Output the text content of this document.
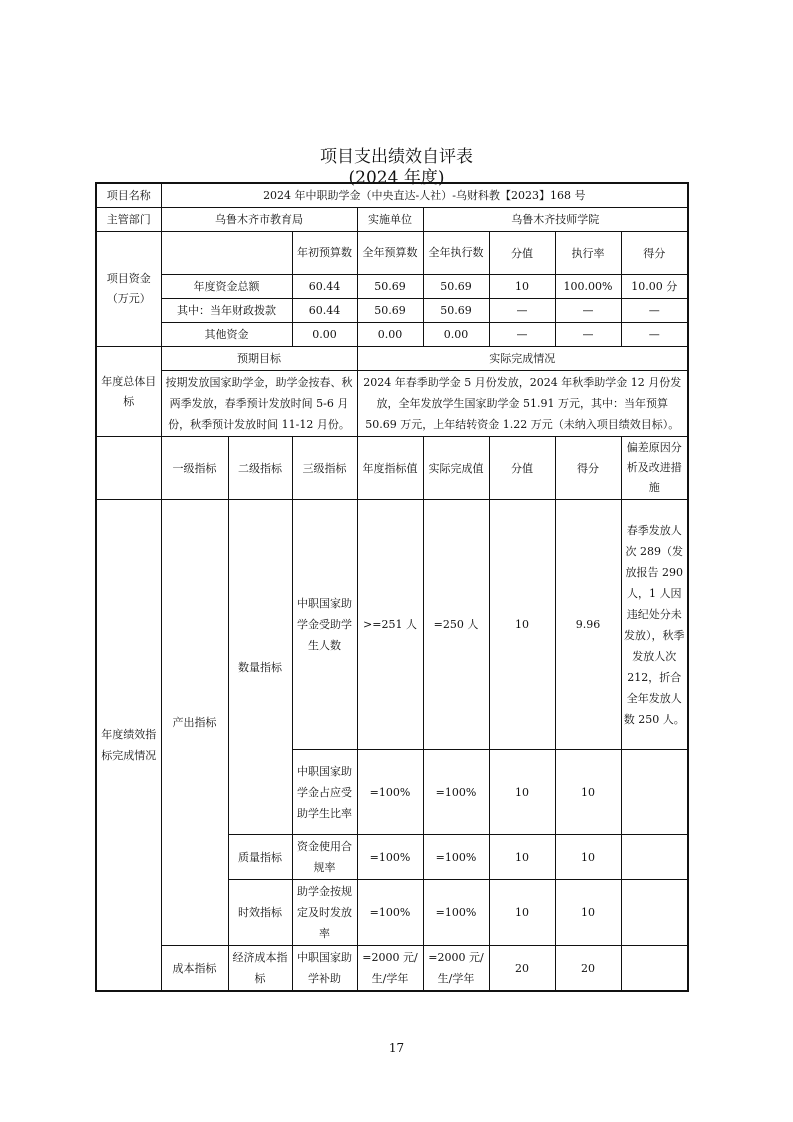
项目支出绩效自评表
(2024 年度)
项目名称	2024 年中职助学金（中央直达-人社）-乌财科教【2023】168 号							
主管部门	乌鲁木齐市教育局			实施单位	乌鲁木齐技师学院			
项目资金（万元）			年初预算数	全年预算数	全年执行数	分值	执行率	得分
	年度资金总额		60.44	50.69	50.69	10	100.00%	10.00 分
	其中：当年财政拨款		60.44	50.69	50.69	—	—	—
	其他资金		0.00	0.00	0.00	—	—	—
年度总体目标	预期目标			实际完成情况				
	按期发放国家助学金，助学金按春、秋两季发放，春季预计发放时间 5-6 月份，秋季预计发放时间 11-12 月份。			2024 年春季助学金 5 月份发放，2024 年秋季助学金 12 月份发放，全年发放学生国家助学金 51.91 万元，其中：当年预算 50.69 万元，上年结转资金 1.22 万元（未纳入项目绩效目标）。				
	一级指标	二级指标	三级指标	年度指标值	实际完成值	分值	得分	偏差原因分析及改进措施
年度绩效指标完成情况	产出指标	数量指标	中职国家助学金受助学生人数	>=251 人	=250 人	10	9.96	春季发放人次 289（发放报告 290 人，1 人因违纪处分未发放），秋季发放人次 212，折合全年发放人数 250 人。
			中职国家助学金占应受助学生比率	=100%	=100%	10	10	
		质量指标	资金使用合规率	=100%	=100%	10	10	
		时效指标	助学金按规定及时发放率	=100%	=100%	10	10	
	成本指标	经济成本指标	中职国家助学补助	=2000 元/生/学年	=2000 元/生/学年	20	20	
17
